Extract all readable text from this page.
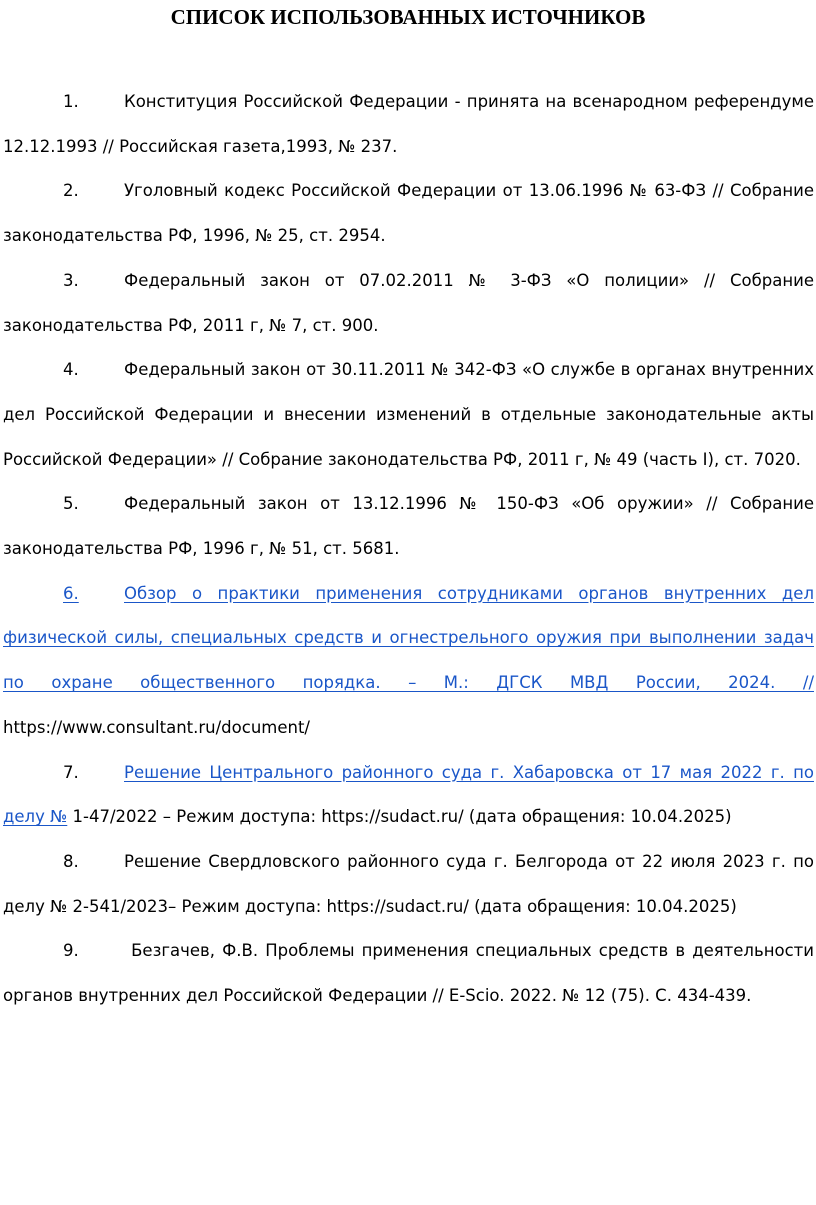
СПИСОК ИСПОЛЬЗОВАННЫХ ИСТОЧНИКОВ
1.	Конституция Российской Федерации - принята на всенародном референдуме 12.12.1993 // Российская газета,1993, № 237.
2.	Уголовный кодекс Российской Федерации от 13.06.1996 № 63-ФЗ // Собрание законодательства РФ, 1996, № 25, ст. 2954.
3.	Федеральный закон от 07.02.2011 № 3-ФЗ «О полиции» // Собрание законодательства РФ, 2011 г, № 7, ст. 900.
4.	Федеральный закон от 30.11.2011 № 342-ФЗ «О службе в органах внутренних дел Российской Федерации и внесении изменений в отдельные законодательные акты Российской Федерации» // Собрание законодательства РФ, 2011 г, № 49 (часть I), ст. 7020.
5.	Федеральный закон от 13.12.1996 № 150-ФЗ «Об оружии» // Собрание законодательства РФ, 1996 г, № 51, ст. 5681.
6.	Обзор о практики применения сотрудниками органов внутренних дел физической силы, специальных средств и огнестрельного оружия при выполнении задач по охране общественного порядка. – М.: ДГСК МВД России, 2024. // https://www.consultant.ru/document/
7.	Решение Центрального районного суда г. Хабаровска от 17 мая 2022 г. по делу № 1-47/2022 – Режим доступа: https://sudact.ru/ (дата обращения: 10.04.2025)
8.	Решение Свердловского районного суда г. Белгорода от 22 июля 2023 г. по делу № 2-541/2023– Режим доступа: https://sudact.ru/ (дата обращения: 10.04.2025)
9.	Безгачев, Ф.В. Проблемы применения специальных средств в деятельности органов внутренних дел Российской Федерации // E-Scio. 2022. № 12 (75). С. 434-439.
